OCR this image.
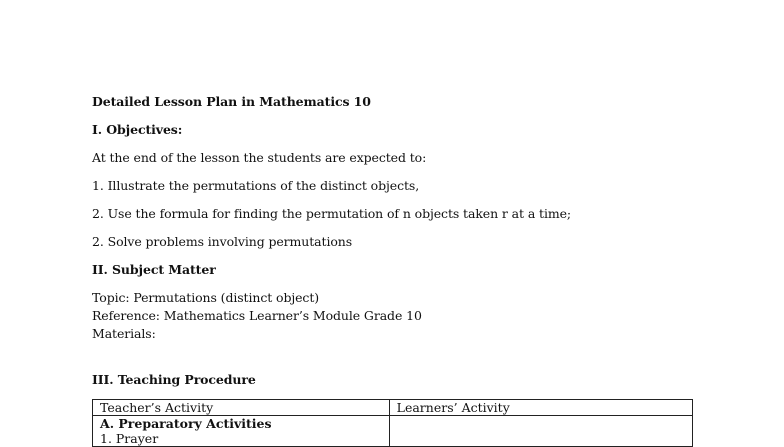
Detailed Lesson Plan in Mathematics 10
I. Objectives:
At the end of the lesson the students are expected to:
1. Illustrate the permutations of the distinct objects,
2. Use the formula for finding the permutation of n objects taken r at a time;
2. Solve problems involving permutations
II. Subject Matter
Topic: Permutations (distinct object)
Reference: Mathematics Learner’s Module Grade 10
Materials:
III. Teaching Procedure
Teacher’s Activity	Learners’ Activity

A. Preparatory Activities
1. Prayer	
